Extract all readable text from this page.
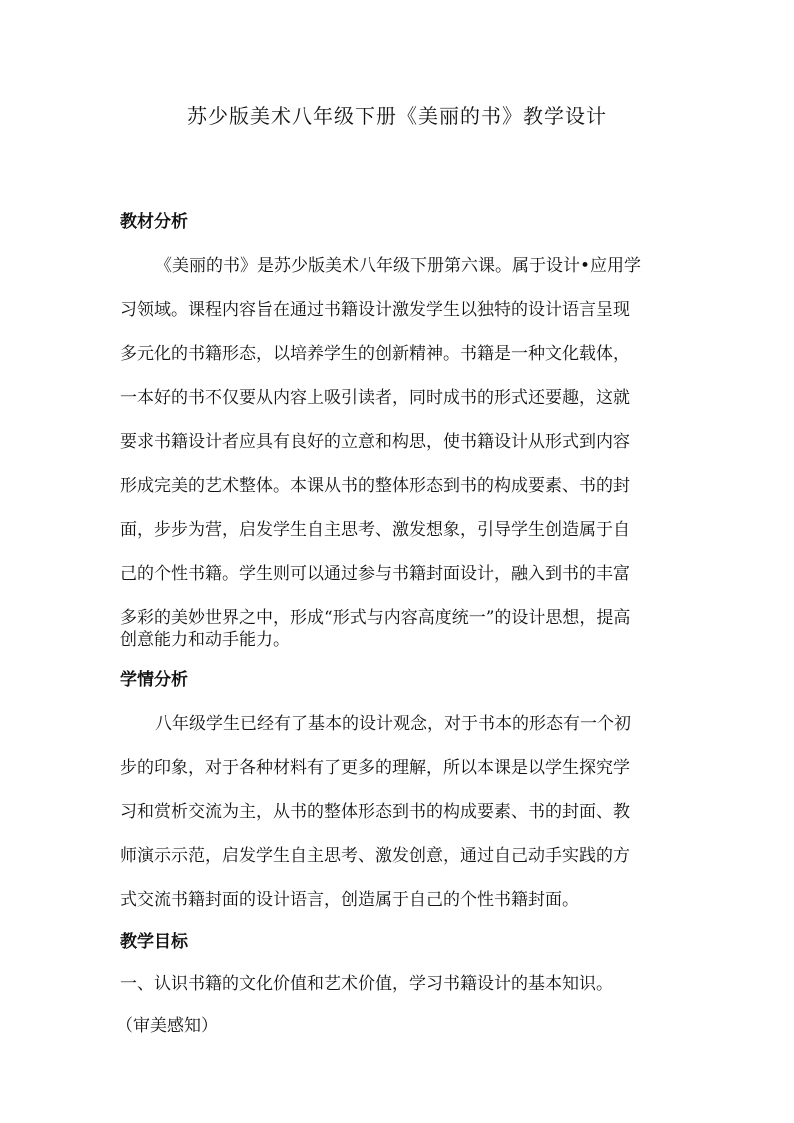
苏少版美术八年级下册《美丽的书》教学设计
教材分析
《美丽的书》是苏少版美术八年级下册第六课。属于设计•应用学
习领域。课程内容旨在通过书籍设计激发学生以独特的设计语言呈现
多元化的书籍形态，以培养学生的创新精神。书籍是一种文化载体，
一本好的书不仅要从内容上吸引读者，同时成书的形式还要趣，这就
要求书籍设计者应具有良好的立意和构思，使书籍设计从形式到内容
形成完美的艺术整体。本课从书的整体形态到书的构成要素、书的封
面，步步为营，启发学生自主思考、激发想象，引导学生创造属于自
己的个性书籍。学生则可以通过参与书籍封面设计，融入到书的丰富
多彩的美妙世界之中，形成“形式与内容高度统一”的设计思想，提高
创意能力和动手能力。
学情分析
八年级学生已经有了基本的设计观念，对于书本的形态有一个初
步的印象，对于各种材料有了更多的理解，所以本课是以学生探究学
习和赏析交流为主，从书的整体形态到书的构成要素、书的封面、教
师演示示范，启发学生自主思考、激发创意，通过自己动手实践的方
式交流书籍封面的设计语言，创造属于自己的个性书籍封面。
教学目标
一、认识书籍的文化价值和艺术价值，学习书籍设计的基本知识。
（审美感知）
